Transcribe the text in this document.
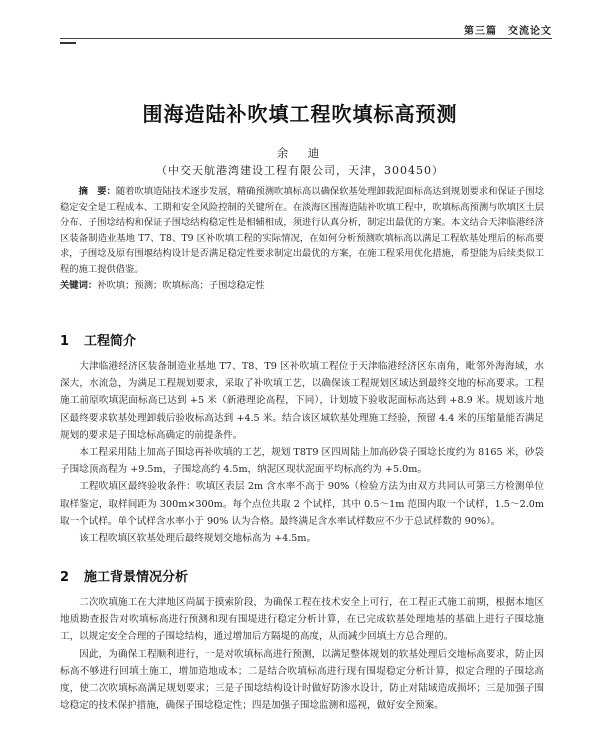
第三篇　交流论文
围海造陆补吹填工程吹填标高预测
余　迪
（中交天航港湾建设工程有限公司，天津，300450）

摘　要：随着吹填造陆技术逐步发展，精确预测吹填标高以确保软基处理卸载泥面标高达到规划要求和保证子围埝稳定安全是工程成本、工期和安全风险控制的关键所在。在淡海区围海造陆补吹填工程中，吹填标高预测与吹填区土层分布、子围埝结构和保证子围埝结构稳定性是相辅相成，须进行认真分析，制定出最优的方案。本文结合天津临港经济区装备制造业基地 T7、T8、T9 区补吹填工程的实际情况，在如何分析预测吹填标高以满足工程软基处理后的标高要求，子围埝及原有围堰结构设计是否满足稳定性要求制定出最优的方案，在施工程采用优化措施，希望能为后续类似工程的施工提供借鉴。

关键词：补吹填；预测；吹填标高；子围埝稳定性

1 工程简介

大津临港经济区装备制造业基地 T7、T8、T9 区补吹填工程位于天津临港经济区东南角，毗邻外海海域，水深大，水流急，为满足工程规划要求，采取了补吹填工艺，以确保该工程规划区域达到最终交地的标高要求。工程施工前原吹填泥面标高已达到 +5 米（新港理论高程，下同），计划坡下验收泥面标高达到 +8.9 米。规划该片地区最终要求软基处理卸载后验收标高达到 +4.5 米。结合该区域软基处理施工经验，预留 4.4 米的压缩量能否满足规划的要求是子围埝标高确定的前提条件。

本工程采用陆上加高子围埝再补吹填的工艺，规划 T8T9 区四周陆上加高砂袋子围埝长度约为 8165 米，砂袋子围埝顶高程为 +9.5m，子围埝高约 4.5m，纳泥区现状泥面平均标高约为 +5.0m。

工程吹填区最终验收条件：吹填区表层 2m 含水率不高于 90%（检验方法为由双方共同认可第三方检测单位取样鉴定，取样间距为 300m×300m。每个点位共取 2 个试样，其中 0.5～1m 范围内取一个试样，1.5～2.0m 取一个试样。单个试样含水率小于 90% 认为合格。最终满足含水率试样数应不少于总试样数的 90%）。

该工程吹填区软基处理后最终规划交地标高为 +4.5m。

2 施工背景情况分析

二次吹填施工在大津地区尚属于摸索阶段，为确保工程在技术安全上可行，在工程正式施工前期，根据本地区地质勘查报告对吹填标高进行预测和现有围堤进行稳定分析计算，在已完成软基处理地基的基础上进行子围埝施工，以规定安全合理的子围埝结构，通过增加后方隔堤的高度，从而减少回填土方总合理的。

因此，为确保工程顺利进行，一是对吹填标高进行预测，以满足整体规划的软基处理后交地标高要求，防止因标高不够进行回填土施工，增加造地成本；二是结合吹填标高进行现有围堤稳定分析计算，拟定合理的子围埝高度，使二次吹填标高满足规划要求；三是子围埝结构设计时做好防渗水设计，防止对陆域造成损坏；三是加强子围埝稳定的技术保护措施，确保子围埝稳定性；四是加强子围埝监测和巡视，做好安全预案。
